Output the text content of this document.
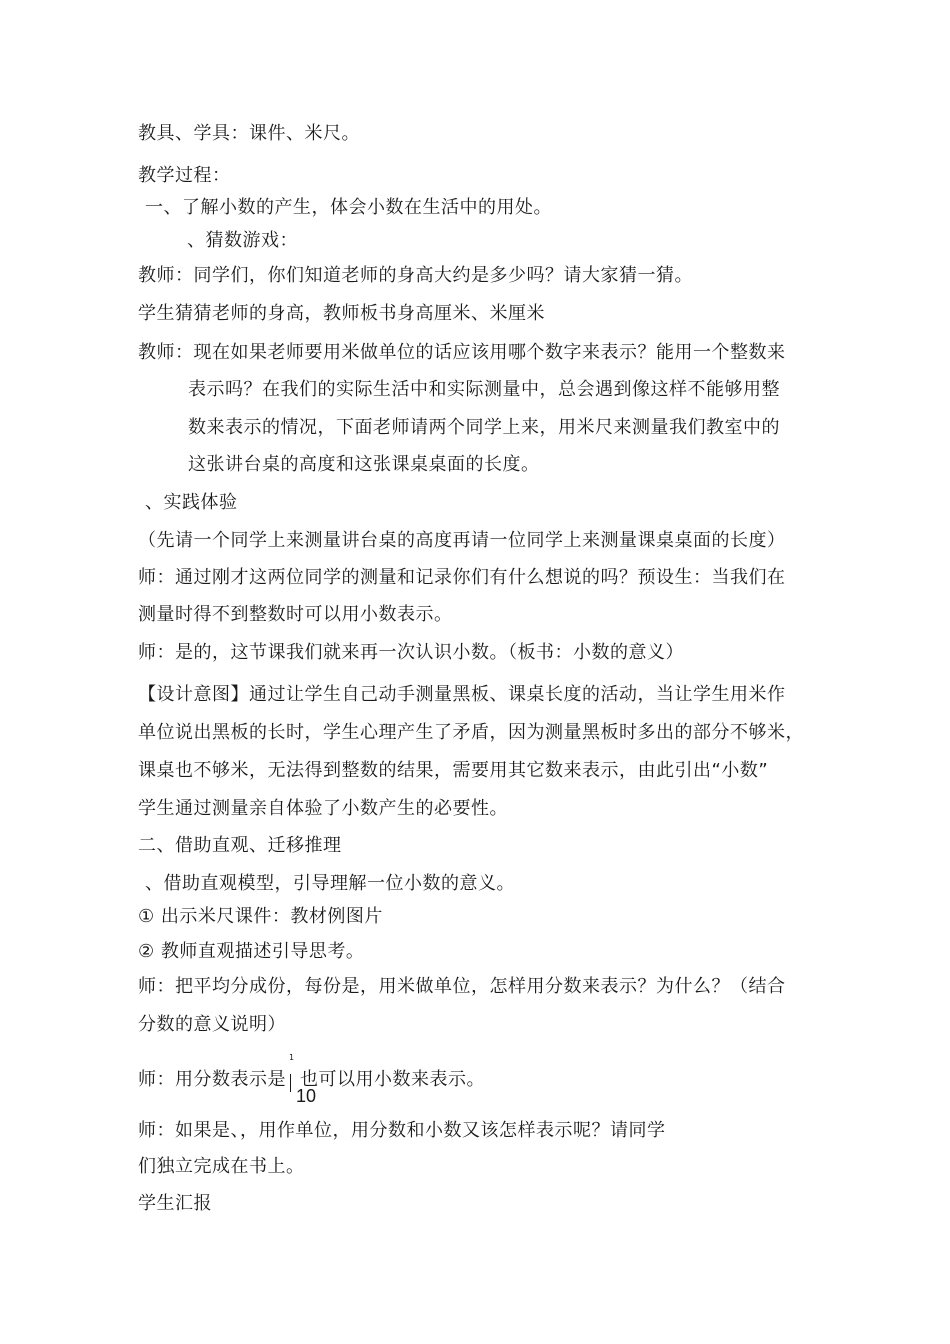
教具、学具：课件、米尺。
教学过程：
一、了解小数的产生，体会小数在生活中的用处。
、猜数游戏：
教师：同学们，你们知道老师的身高大约是多少吗？请大家猜一猜。
学生猜猜老师的身高，教师板书身高厘米、米厘米
教师：现在如果老师要用米做单位的话应该用哪个数字来表示？能用一个整数来
表示吗？在我们的实际生活中和实际测量中，总会遇到像这样不能够用整
数来表示的情况，下面老师请两个同学上来，用米尺来测量我们教室中的
这张讲台桌的高度和这张课桌桌面的长度。
、实践体验
（先请一个同学上来测量讲台桌的高度再请一位同学上来测量课桌桌面的长度）
师：通过刚才这两位同学的测量和记录你们有什么想说的吗？预设生：当我们在
测量时得不到整数时可以用小数表示。
师：是的，这节课我们就来再一次认识小数。（板书：小数的意义）
【设计意图】通过让学生自己动手测量黑板、课桌长度的活动，当让学生用米作
单位说出黑板的长时，学生心理产生了矛盾，因为测量黑板时多出的部分不够米，
课桌也不够米，无法得到整数的结果，需要用其它数来表示，由此引出“小数”
学生通过测量亲自体验了小数产生的必要性。
二、借助直观、迁移推理
、借助直观模型，引导理解一位小数的意义。
① 出示米尺课件：教材例图片
② 教师直观描述引导思考。
师：把平均分成份，每份是，用米做单位，怎样用分数来表示？为什么？（结合
分数的意义说明）
师：用分数表示是
1
也可以用小数来表示。
10
师：如果是、，用作单位，用分数和小数又该怎样表示呢？请同学
们独立完成在书上。
学生汇报
